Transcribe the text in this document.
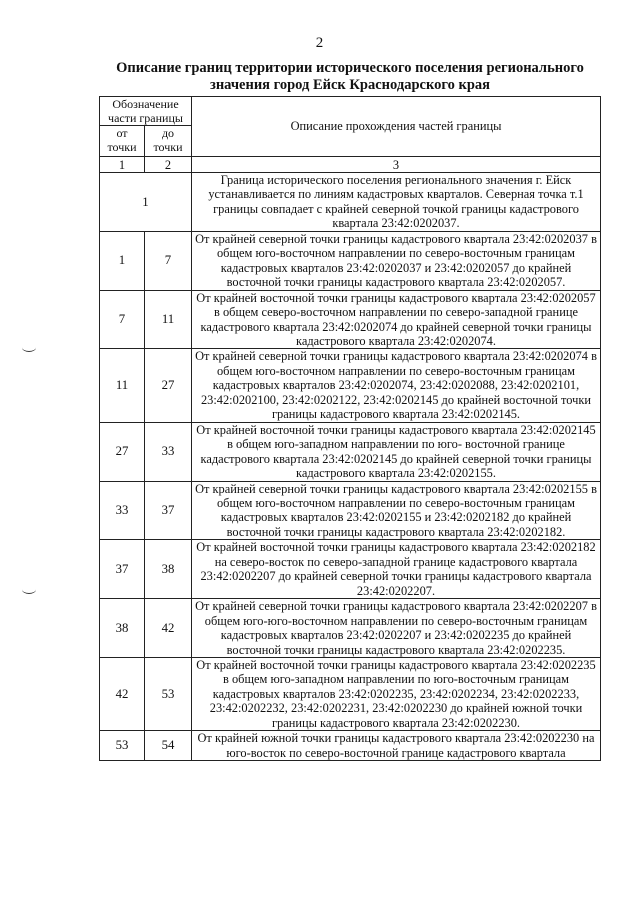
2
Описание границ территории исторического поселения регионального значения город Ейск Краснодарского края
Обозначение части границы		Описание прохождения частей границы
от точки	до точки	
1	2	3
1		Граница исторического поселения регионального значения г. Ейск устанавливается по линиям кадастровых кварталов. Северная точка т.1 границы совпадает с крайней северной точкой границы кадастрового квартала 23:42:0202037.
1	7	От крайней северной точки границы кадастрового квартала 23:42:0202037 в общем юго-восточном направлении по северо-восточным границам кадастровых кварталов 23:42:0202037 и 23:42:0202057 до крайней восточной точки границы кадастрового квартала 23:42:0202057.
7	11	От крайней восточной точки границы кадастрового квартала 23:42:0202057 в общем северо-восточном направлении по северо-западной границе кадастрового квартала 23:42:0202074 до крайней северной точки границы кадастрового квартала 23:42:0202074.
11	27	От крайней северной точки границы кадастрового квартала 23:42:0202074 в общем юго-восточном направлении по северо-восточным границам кадастровых кварталов 23:42:0202074, 23:42:0202088, 23:42:0202101, 23:42:0202100, 23:42:0202122, 23:42:0202145 до крайней восточной точки границы кадастрового квартала 23:42:0202145.
27	33	От крайней восточной точки границы кадастрового квартала 23:42:0202145 в общем юго-западном направлении по юго- восточной границе кадастрового квартала 23:42:0202145 до крайней северной точки границы кадастрового квартала 23:42:0202155.
33	37	От крайней северной точки границы кадастрового квартала 23:42:0202155 в общем юго-восточном направлении по северо-восточным границам кадастровых кварталов 23:42:0202155 и 23:42:0202182 до крайней восточной точки границы кадастрового квартала 23:42:0202182.
37	38	От крайней восточной точки границы кадастрового квартала 23:42:0202182 на северо-восток по северо-западной границе кадастрового квартала 23:42:0202207 до крайней северной точки границы кадастрового квартала 23:42:0202207.
38	42	От крайней северной точки границы кадастрового квартала 23:42:0202207 в общем юго-юго-восточном направлении по северо-восточным границам кадастровых кварталов 23:42:0202207 и 23:42:0202235 до крайней восточной точки границы кадастрового квартала 23:42:0202235.
42	53	От крайней восточной точки границы кадастрового квартала 23:42:0202235 в общем юго-западном направлении по юго-восточным границам кадастровых кварталов 23:42:0202235, 23:42:0202234, 23:42:0202233, 23:42:0202232, 23:42:0202231, 23:42:0202230 до крайней южной точки границы кадастрового квартала 23:42:0202230.
53	54	От крайней южной точки границы кадастрового квартала 23:42:0202230 на юго-восток по северо-восточной границе кадастрового квартала
